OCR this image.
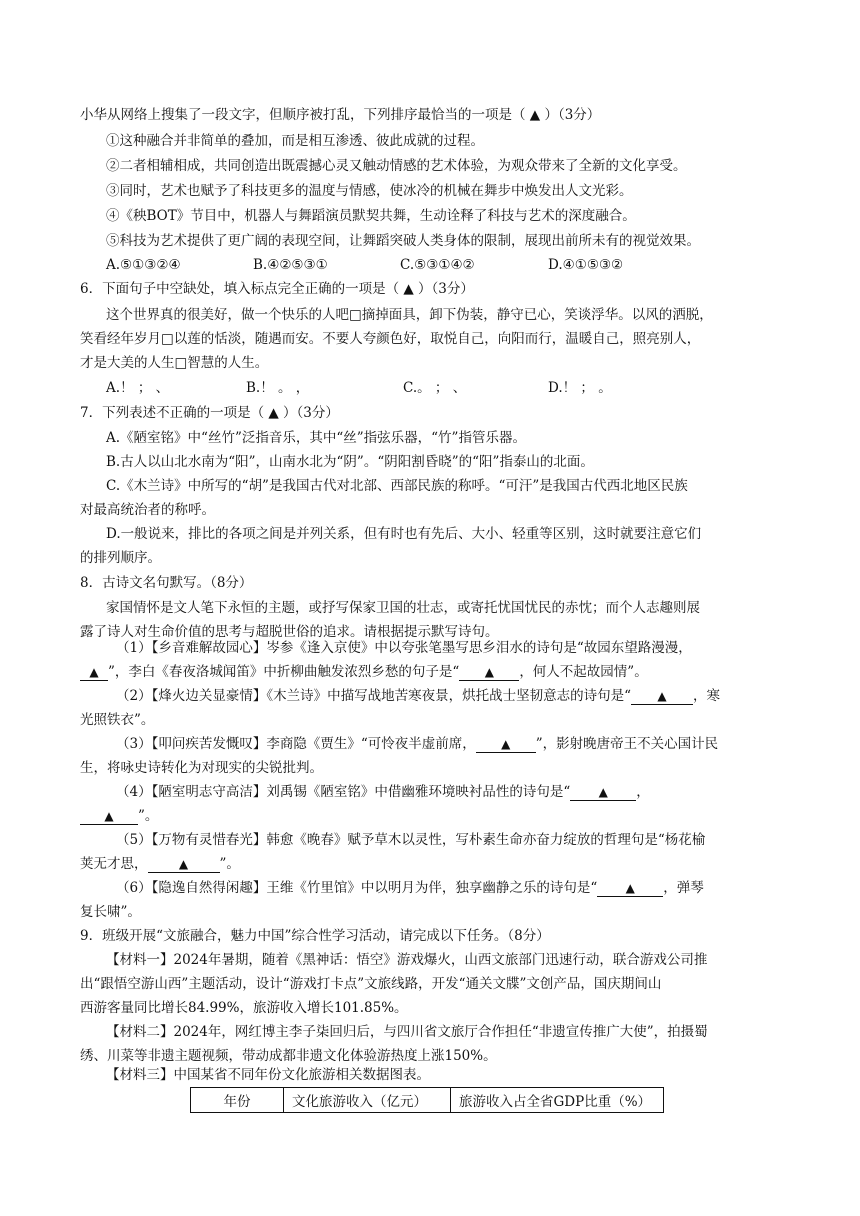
小华从网络上搜集了一段文字，但顺序被打乱，下列排序最恰当的一项是（ ▲ ）（3分）
①这种融合并非简单的叠加，而是相互渗透、彼此成就的过程。
②二者相辅相成，共同创造出既震撼心灵又触动情感的艺术体验，为观众带来了全新的文化享受。
③同时，艺术也赋予了科技更多的温度与情感，使冰冷的机械在舞步中焕发出人文光彩。
④《秧BOT》节目中，机器人与舞蹈演员默契共舞，生动诠释了科技与艺术的深度融合。
⑤科技为艺术提供了更广阔的表现空间，让舞蹈突破人类身体的限制，展现出前所未有的视觉效果。
A.⑤①③②④	B.④②⑤③①	C.⑤③①④②	D.④①⑤③②
6．下面句子中空缺处，填入标点完全正确的一项是（ ▲ ）（3分）
这个世界真的很美好，做一个快乐的人吧□摘掉面具，卸下伪装，静守已心，笑谈浮华。以风的洒脱，
笑看经年岁月□以莲的恬淡，随遇而安。不要人夸颜色好，取悦自己，向阳而行，温暖自己，照亮别人，
才是大美的人生□智慧的人生。
A.！ ； 、	B.！ 。 ，	C.。 ； 、	D.！ ； 。
7．下列表述不正确的一项是（ ▲ ）（3分）
A.《陋室铭》中“丝竹”泛指音乐，其中“丝”指弦乐器，“竹”指管乐器。
B.古人以山北水南为“阳”，山南水北为“阴”。“阴阳割昏晓”的“阳”指泰山的北面。
C.《木兰诗》中所写的“胡”是我国古代对北部、西部民族的称呼。“可汗”是我国古代西北地区民族
对最高统治者的称呼。
D.一般说来，排比的各项之间是并列关系，但有时也有先后、大小、轻重等区别，这时就要注意它们
的排列顺序。
8．古诗文名句默写。（8分）
家国情怀是文人笔下永恒的主题，或抒写保家卫国的壮志，或寄托忧国忧民的赤忱；而个人志趣则展
露了诗人对生命价值的思考与超脱世俗的追求。请根据提示默写诗句。
（1）【乡音难解故园心】岑参《逢入京使》中以夸张笔墨写思乡泪水的诗句是“故园东望路漫漫，
▲ ”，李白《春夜洛城闻笛》中折柳曲触发浓烈乡愁的句子是“ ▲ ，何人不起故园情”。
（2）【烽火边关显豪情】《木兰诗》中描写战地苦寒夜景，烘托战士坚韧意志的诗句是“ ▲ ，寒
光照铁衣”。
（3）【叩问疾苦发慨叹】李商隐《贾生》“可怜夜半虚前席， ▲ ”，影射晚唐帝王不关心国计民
生，将咏史诗转化为对现实的尖锐批判。
（4）【陋室明志守高洁】刘禹锡《陋室铭》中借幽雅环境映衬品性的诗句是“ ▲ ，
▲ ”。
（5）【万物有灵惜春光】韩愈《晚春》赋予草木以灵性，写朴素生命亦奋力绽放的哲理句是“杨花榆
荚无才思，	▲ ”。
（6）【隐逸自然得闲趣】王维《竹里馆》中以明月为伴，独享幽静之乐的诗句是“ ▲ ，弹琴
复长啸”。
9．班级开展“文旅融合，魅力中国”综合性学习活动，请完成以下任务。（8分）
【材料一】2024年暑期，随着《黑神话：悟空》游戏爆火，山西文旅部门迅速行动，联合游戏公司推
出“跟悟空游山西”主题活动，设计“游戏打卡点”文旅线路，开发“通关文牒”文创产品，国庆期间山
西游客量同比增长84.99%，旅游收入增长101.85%。
【材料二】2024年，网红博主李子柒回归后，与四川省文旅厅合作担任“非遗宣传推广大使”，拍摄蜀
绣、川菜等非遗主题视频，带动成都非遗文化体验游热度上涨150%。
【材料三】中国某省不同年份文化旅游相关数据图表。
年份	文化旅游收入（亿元）	旅游收入占全省GDP比重（%）
